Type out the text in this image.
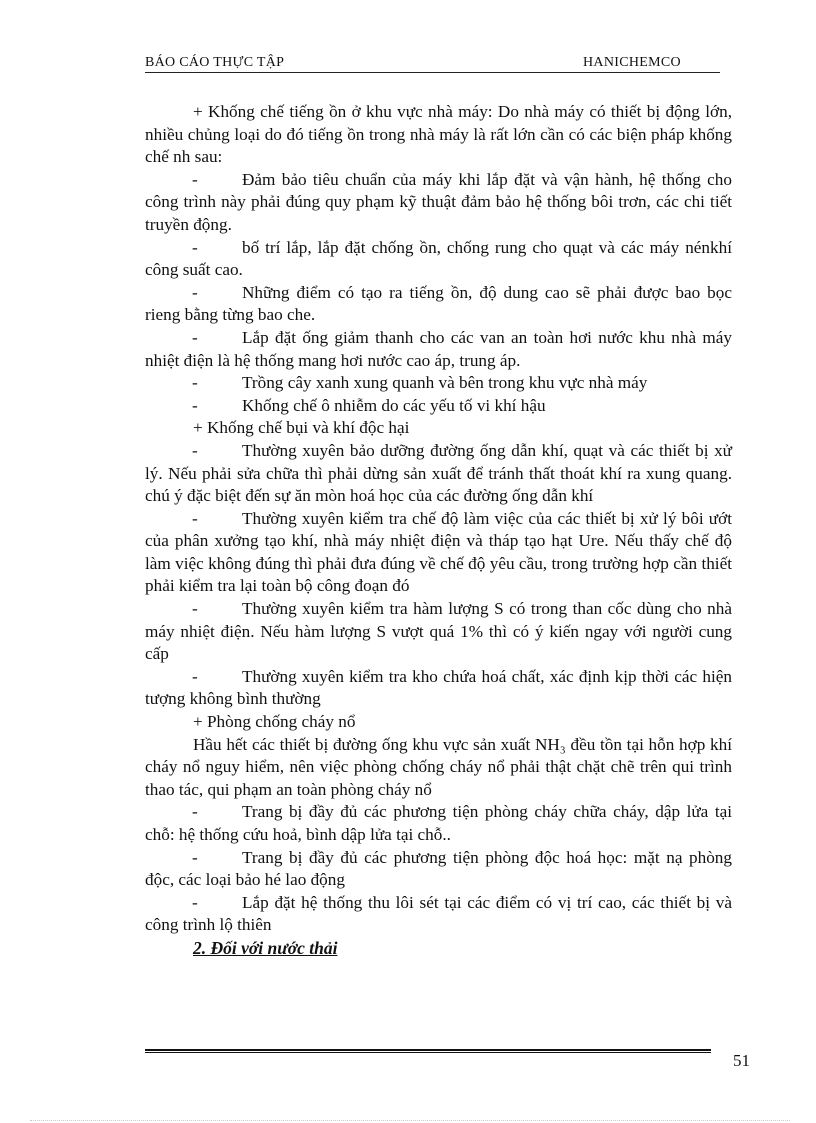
BÁO CÁO THỰC TẬP	HANICHEMCO

+ Khống chế tiếng ồn ở khu vực nhà máy: Do nhà máy có thiết bị động lớn, nhiều chủng loại do đó tiếng ồn trong nhà máy là rất lớn cần có các biện pháp khống chế nh sau:

-	Đảm bảo tiêu chuẩn của máy khi lắp đặt và vận hành, hệ thống cho công trình này phải đúng quy phạm kỹ thuật đảm bảo hệ thống bôi trơn, các chi tiết truyền động.

-	bố trí lắp, lắp đặt chống ồn, chống rung cho quạt và các máy nénkhí công suất cao.

-	Những điểm có tạo ra tiếng ồn, độ dung cao sẽ phải được bao bọc rieng bằng từng bao che.

-	Lắp đặt ống giảm thanh cho các van an toàn hơi nước khu nhà máy nhiệt điện là hệ thống mang hơi nước cao áp, trung áp.

-	Trồng cây xanh xung quanh và bên trong khu vực nhà máy

-	Khống chế ô nhiễm do các yếu tố vi khí hậu

+ Khống chế bụi và khí độc hại

-	Thường xuyên bảo dưỡng đường ống dẫn khí, quạt và các thiết bị xử lý. Nếu phải sửa chữa thì phải dừng sản xuất để tránh thất thoát khí ra xung quang. chú ý đặc biệt đến sự ăn mòn hoá học của các đường ống dẫn khí

-	Thường xuyên kiểm tra chế độ làm việc của các thiết bị xử lý bôi ướt của phân xưởng tạo khí, nhà máy nhiệt điện và tháp tạo hạt Ure. Nếu thấy chế độ làm việc không đúng thì phải đưa đúng về chế độ yêu cầu, trong trường hợp cần thiết phải kiểm tra lại toàn bộ công đoạn đó

-	Thường xuyên kiểm tra hàm lượng S có trong than cốc dùng cho nhà máy nhiệt điện. Nếu hàm lượng S vượt quá 1% thì có ý kiến ngay với người cung cấp

-	Thường xuyên kiểm tra kho chứa hoá chất, xác định kịp thời các hiện tượng không bình thường

+ Phòng chống cháy nổ

Hầu hết các thiết bị đường ống khu vực sản xuất NH₃ đều tồn tại hỗn hợp khí cháy nổ nguy hiểm, nên việc phòng chống cháy nổ phải thật chặt chẽ trên qui trình thao tác, qui phạm an toàn phòng cháy nổ

-	Trang bị đầy đủ các phương tiện phòng cháy chữa cháy, dập lửa tại chỗ: hệ thống cứu hoả, bình dập lửa tại chỗ..

-	Trang bị đầy đủ các phương tiện phòng độc hoá học: mặt nạ phòng độc, các loại bảo hé lao động

-	Lắp đặt hệ thống thu lôi sét tại các điểm có vị trí cao, các thiết bị và công trình lộ thiên

2. Đối với nước thải

51
